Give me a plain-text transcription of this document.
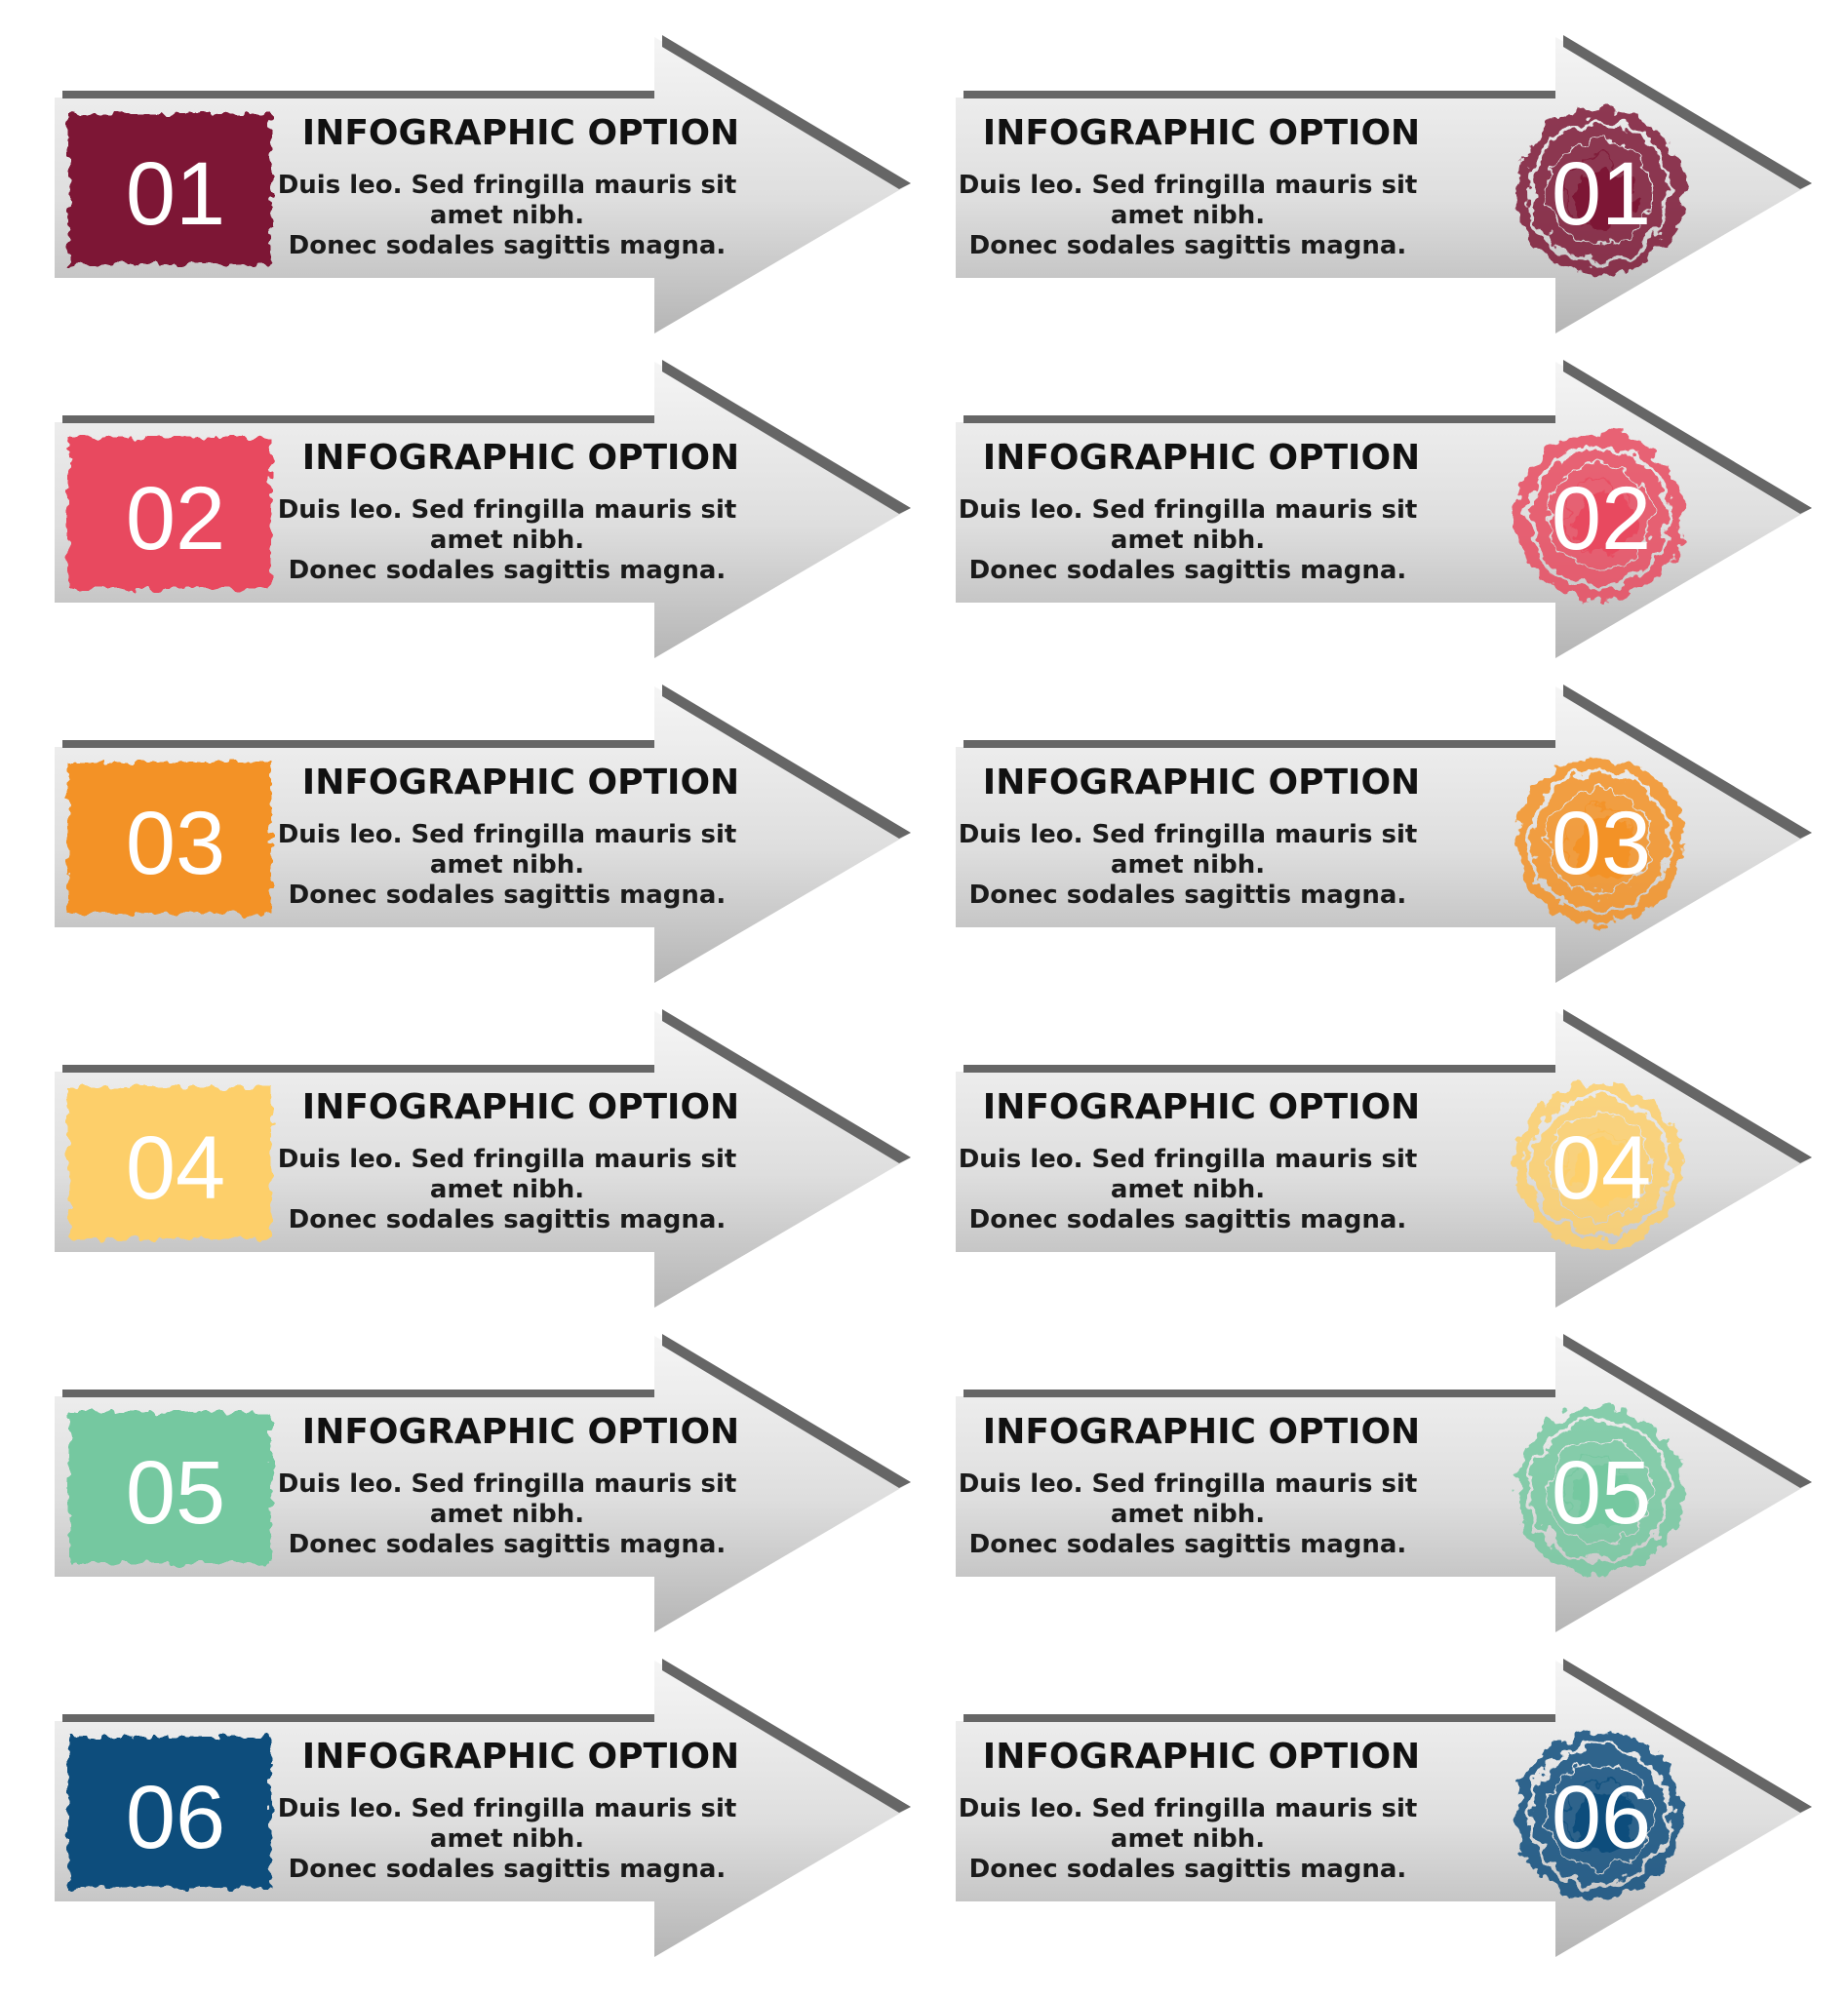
01
INFOGRAPHIC OPTION
Duis leo. Sed fringilla mauris sit
amet nibh.
Donec sodales sagittis magna.
02
INFOGRAPHIC OPTION
Duis leo. Sed fringilla mauris sit
amet nibh.
Donec sodales sagittis magna.
03
INFOGRAPHIC OPTION
Duis leo. Sed fringilla mauris sit
amet nibh.
Donec sodales sagittis magna.
04
INFOGRAPHIC OPTION
Duis leo. Sed fringilla mauris sit
amet nibh.
Donec sodales sagittis magna.
05
INFOGRAPHIC OPTION
Duis leo. Sed fringilla mauris sit
amet nibh.
Donec sodales sagittis magna.
06
INFOGRAPHIC OPTION
Duis leo. Sed fringilla mauris sit
amet nibh.
Donec sodales sagittis magna.
01
INFOGRAPHIC OPTION
Duis leo. Sed fringilla mauris sit
amet nibh.
Donec sodales sagittis magna.
02
INFOGRAPHIC OPTION
Duis leo. Sed fringilla mauris sit
amet nibh.
Donec sodales sagittis magna.
03
INFOGRAPHIC OPTION
Duis leo. Sed fringilla mauris sit
amet nibh.
Donec sodales sagittis magna.
04
INFOGRAPHIC OPTION
Duis leo. Sed fringilla mauris sit
amet nibh.
Donec sodales sagittis magna.
05
INFOGRAPHIC OPTION
Duis leo. Sed fringilla mauris sit
amet nibh.
Donec sodales sagittis magna.
06
INFOGRAPHIC OPTION
Duis leo. Sed fringilla mauris sit
amet nibh.
Donec sodales sagittis magna.
